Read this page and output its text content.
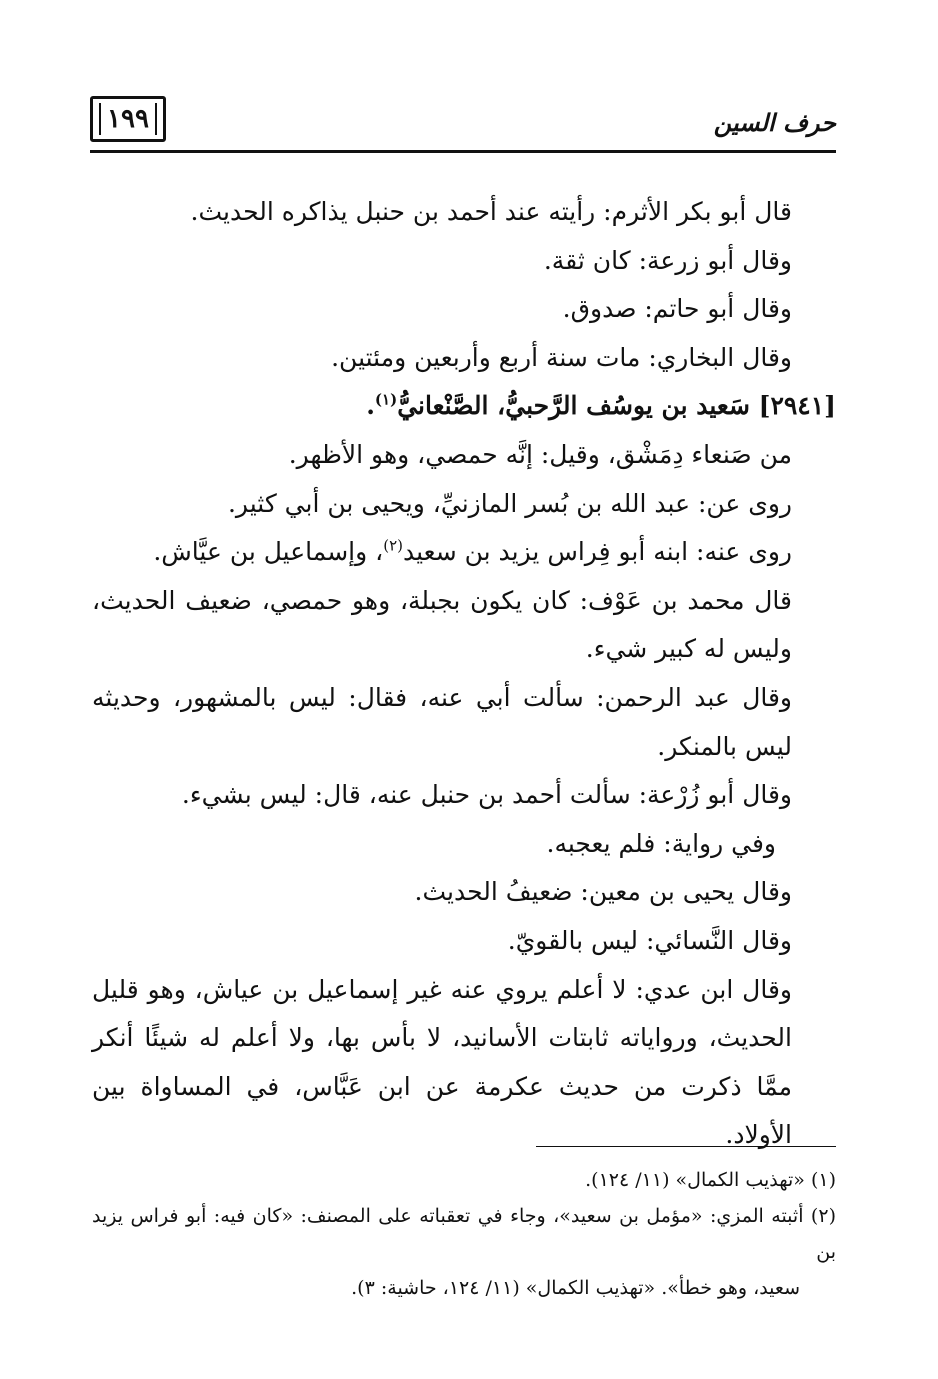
١٩٩	حرف السين

قال أبو بكر الأثرم: رأيته عند أحمد بن حنبل يذاكره الحديث.

وقال أبو زرعة: كان ثقة.

وقال أبو حاتم: صدوق.

وقال البخاري: مات سنة أربع وأربعين ومئتين.

[٢٩٤١] سَعيد بن يوسُف الرَّحبيُّ، الصَّنْعانيُّ$^{(١)}$.

من صَنعاء دِمَشْق، وقيل: إنَّه حمصي، وهو الأظهر.

روى عن: عبد الله بن بُسر المازنيِّ، ويحيى بن أبي كثير.

روى عنه: ابنه أبو فِراس يزيد بن سعيد$^{(٢)}$، وإسماعيل بن عيَّاش.

قال محمد بن عَوْف: كان يكون بجبلة، وهو حمصي، ضعيف الحديث، وليس له كبير شيء.

وقال عبد الرحمن: سألت أبي عنه، فقال: ليس بالمشهور، وحديثه ليس بالمنكر.

وقال أبو زُرْعة: سألت أحمد بن حنبل عنه، قال: ليس بشيء.

وفي رواية: فلم يعجبه.

وقال يحيى بن معين: ضعيفُ الحديث.

وقال النَّسائي: ليس بالقويّ.

وقال ابن عدي: لا أعلم يروي عنه غير إسماعيل بن عياش، وهو قليل الحديث، ورواياته ثابتات الأسانيد، لا بأس بها، ولا أعلم له شيئًا أنكر ممَّا ذكرت من حديث عكرمة عن ابن عَبَّاس، في المساواة بين الأولاد.

(١) «تهذيب الكمال» (١١/ ١٢٤).

(٢) أثبته المزي: «مؤمل بن سعيد»، وجاء في تعقباته على المصنف: «كان فيه: أبو فراس يزيد بن

سعيد، وهو خطأ». «تهذيب الكمال» (١١/ ١٢٤، حاشية: ٣).
